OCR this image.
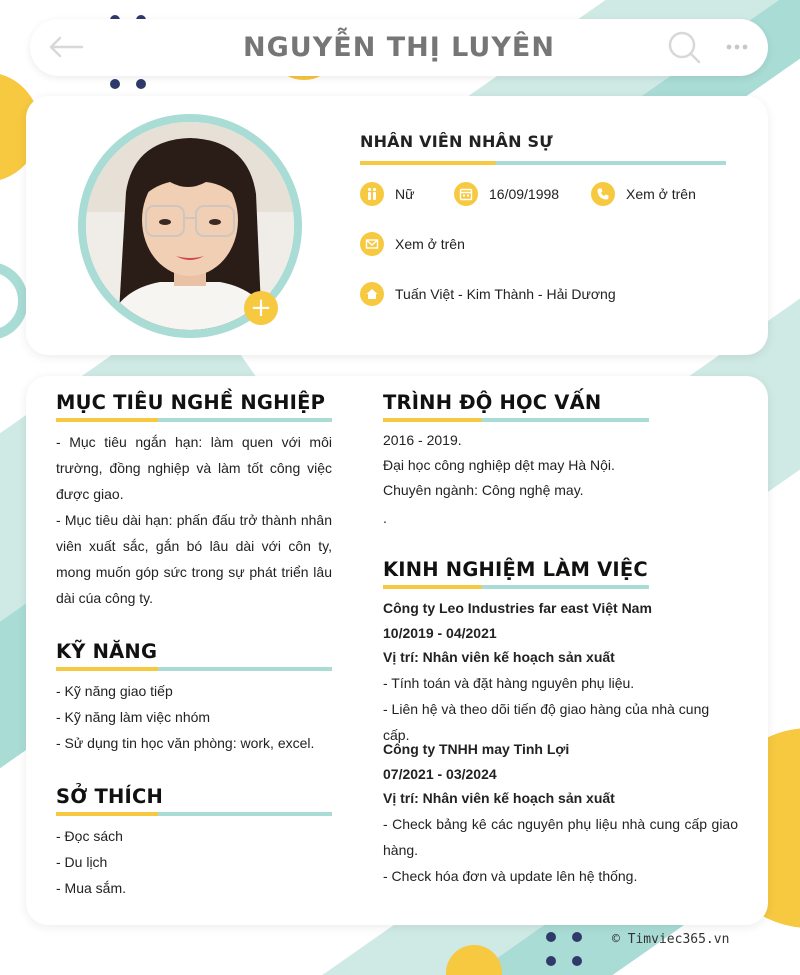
NGUYỄN THỊ LUYÊN
+
NHÂN VIÊN NHÂN SỰ
Nữ	16/09/1998	Xem ở trên
Xem ở trên
Tuấn Việt - Kim Thành - Hải Dương
MỤC TIÊU NGHỀ NGHIỆP

- Mục tiêu ngắn hạn: làm quen với môi trường, đồng nghiệp và làm tốt công việc được giao.

- Mục tiêu dài hạn: phấn đấu trở thành nhân viên xuất sắc, gắn bó lâu dài với côn ty, mong muốn góp sức trong sự phát triển lâu dài cúa công ty.

KỸ NĂNG
- Kỹ năng giao tiếp
- Kỹ năng làm việc nhóm
- Sử dụng tin học văn phòng: work, excel.
SỞ THÍCH
- Đọc sách
- Du lịch
- Mua sắm.
TRÌNH ĐỘ HỌC VẤN
2016 - 2019.
Đại học công nghiệp dệt may Hà Nội.
Chuyên ngành: Công nghệ may.
.
KINH NGHIỆM LÀM VIỆC
Công ty Leo Industries far east Việt Nam
10/2019 - 04/2021
Vị trí: Nhân viên kế hoạch sản xuất
- Tính toán và đặt hàng nguyên phụ liệu.
- Liên hệ và theo dõi tiến độ giao hàng của nhà cung cấp.
Công ty TNHH may Tinh Lợi
07/2021 - 03/2024
Vị trí: Nhân viên kế hoạch sản xuất
- Check bảng kê các nguyên phụ liệu nhà cung cấp giao hàng.
- Check hóa đơn và update lên hệ thống.
© Timviec365.vn
